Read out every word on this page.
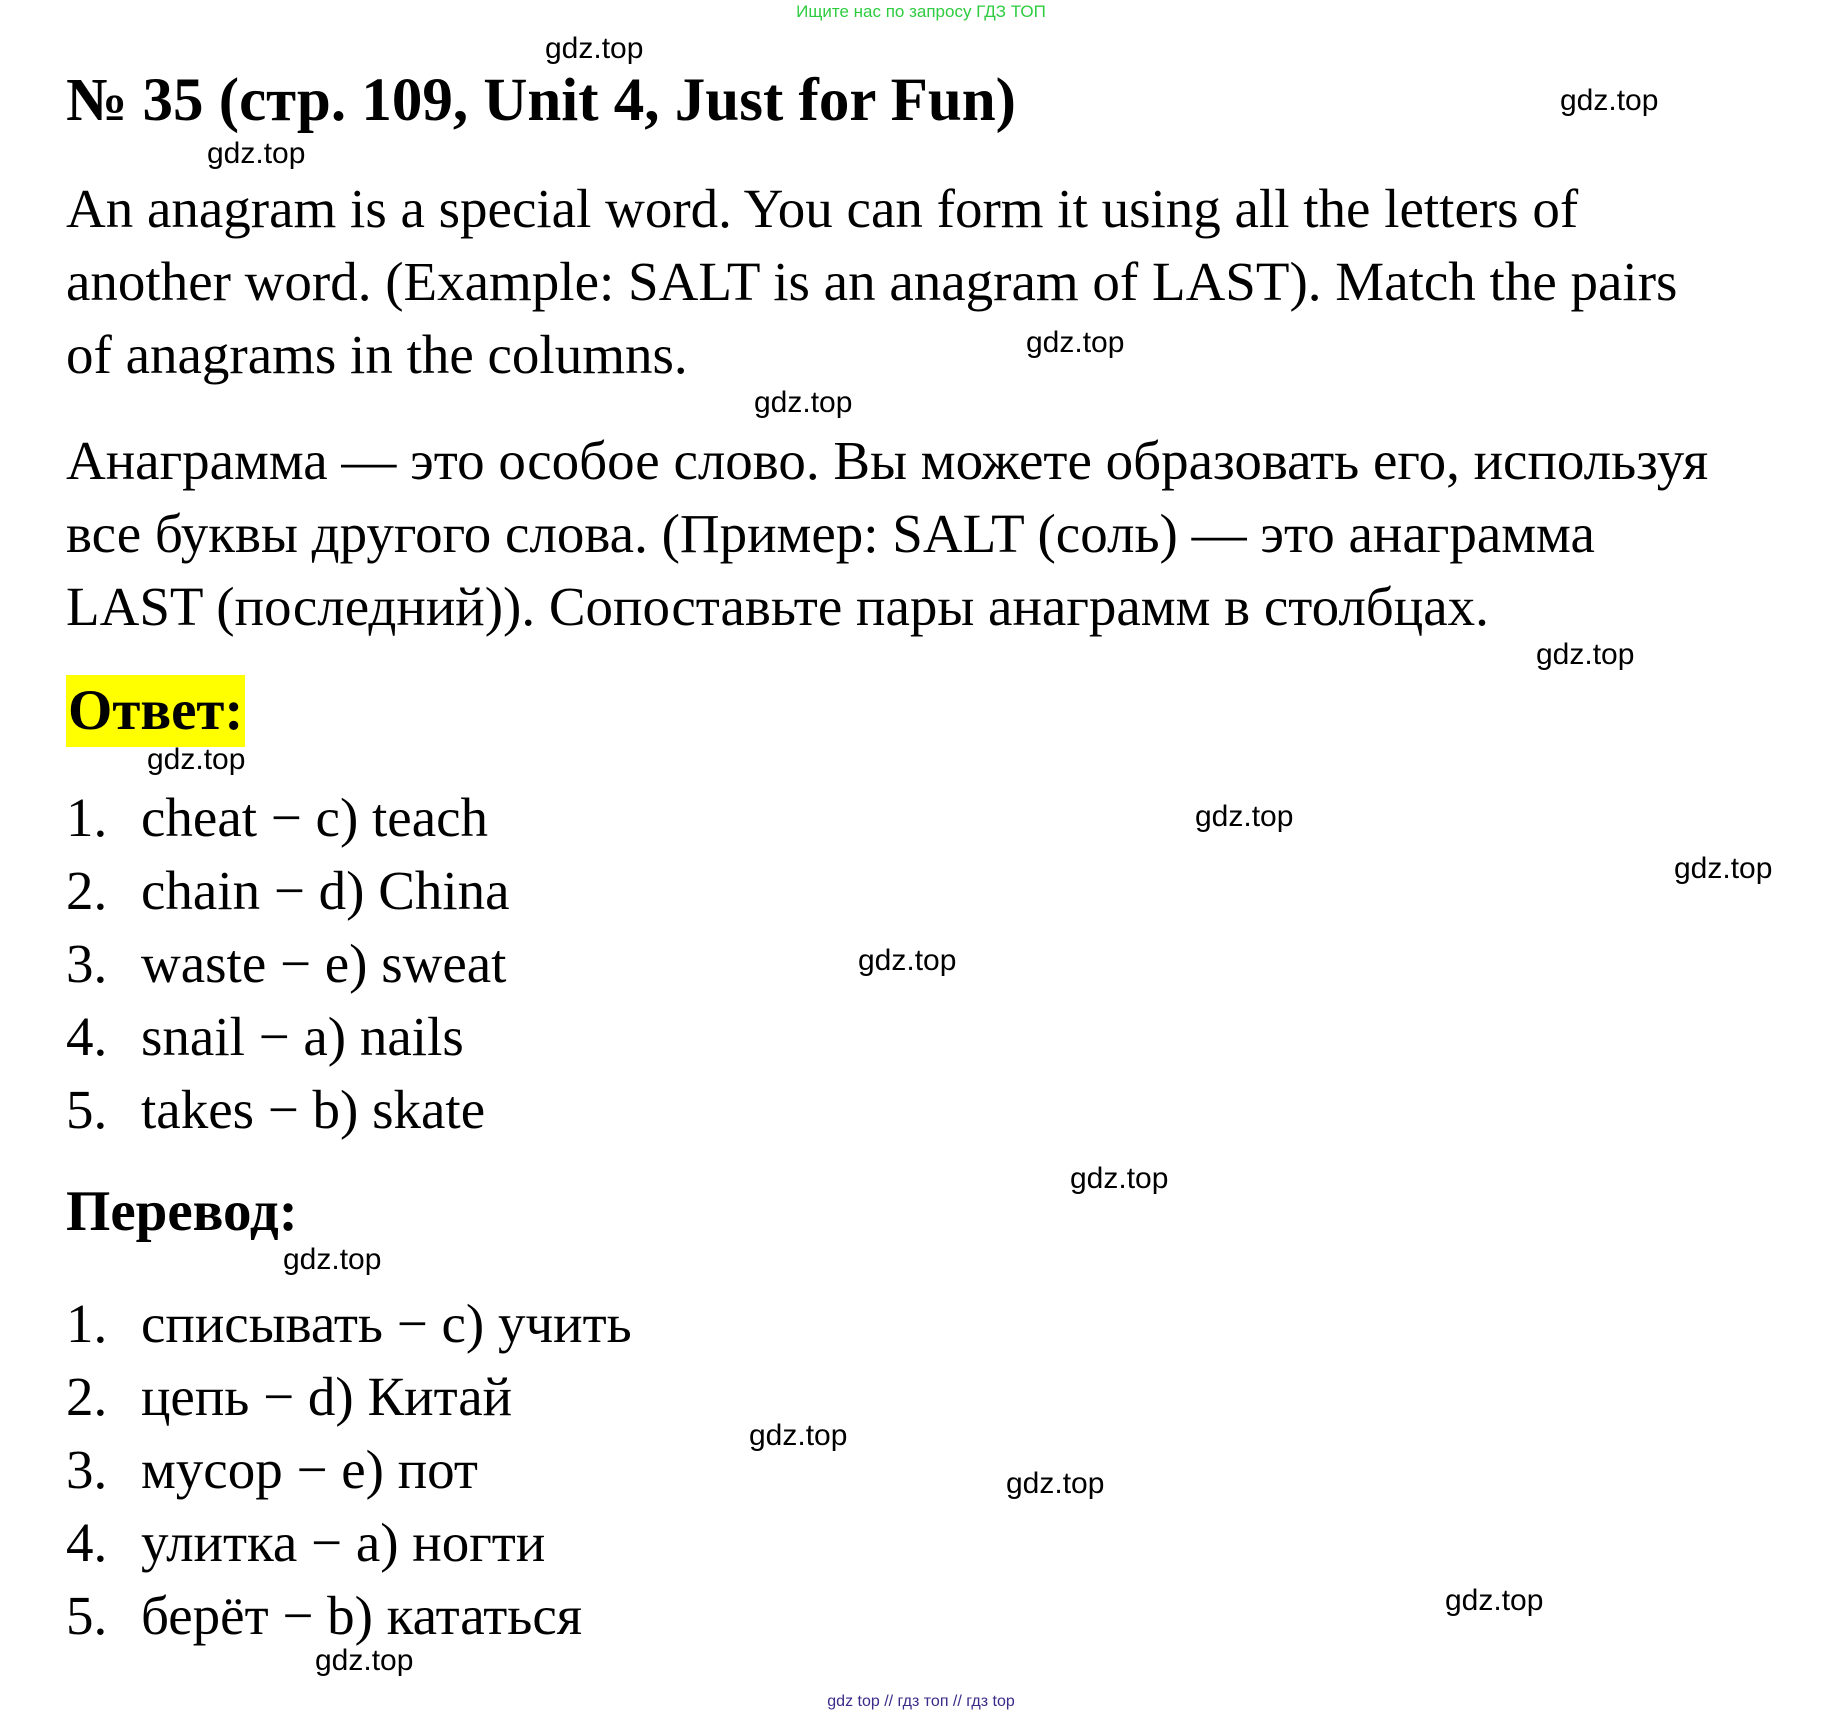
Ищите нас по запросу ГДЗ ТОП
№ 35 (стр. 109, Unit 4, Just for Fun)

An anagram is a special word. You can form it using all the letters of
another word. (Example: SALT is an anagram of LAST). Match the pairs
of anagrams in the columns.

Анаграмма — это особое слово. Вы можете образовать его, используя
все буквы другого слова. (Пример: SALT (соль) — это анаграмма
LAST (последний)). Сопоставьте пары анаграмм в столбцах.

Ответ:
1. cheat − c) teach
2. chain − d) China
3. waste − e) sweat
4. snail − a) nails
5. takes − b) skate
Перевод:
1. списывать − c) учить
2. цепь − d) Китай
3. мусор − e) пот
4. улитка − a) ногти
5. берёт − b) кататься
gdz.top
gdz.top
gdz.top
gdz.top
gdz.top
gdz.top
gdz.top
gdz.top
gdz.top
gdz.top
gdz.top
gdz.top
gdz.top
gdz.top
gdz.top
gdz.top
gdz top // гдз топ // гдз top
